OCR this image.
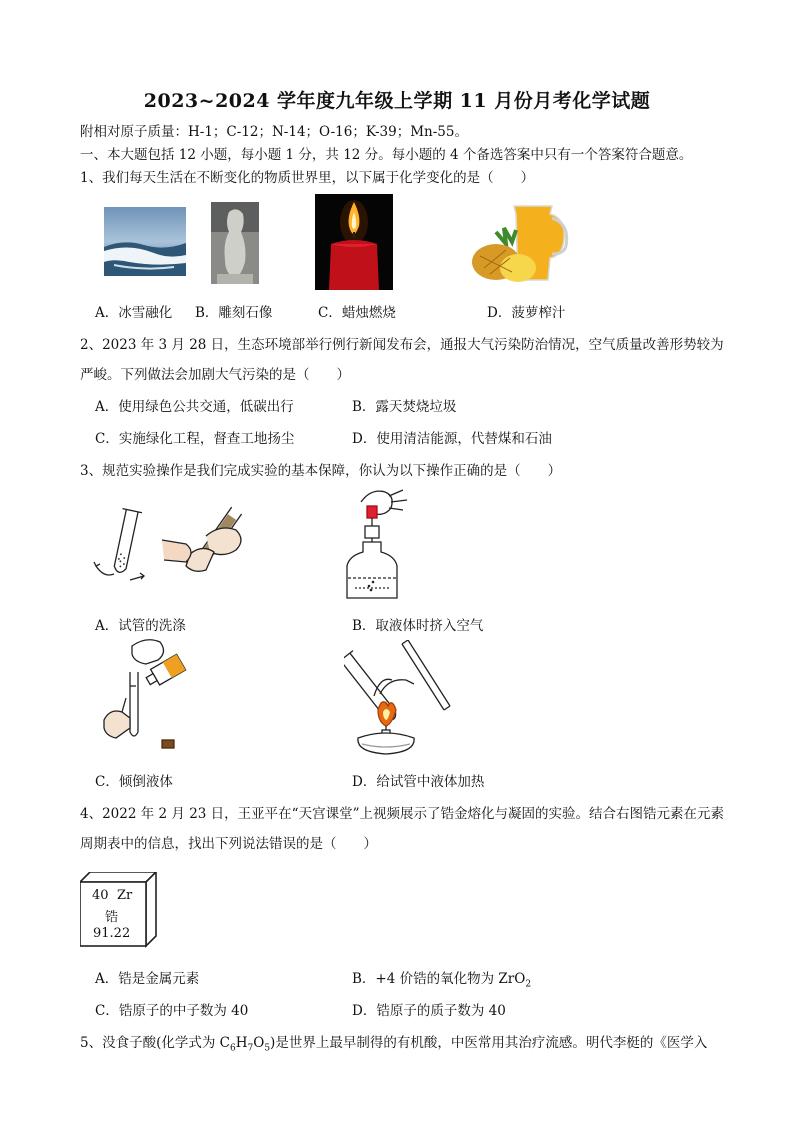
2023~2024 学年度九年级上学期 11 月份月考化学试题
附相对原子质量：H-1；C-12；N-14；O-16；K-39；Mn-55。
一、本大题包括 12 小题，每小题 1 分，共 12 分。每小题的 4 个备选答案中只有一个答案符合题意。
1、我们每天生活在不断变化的物质世界里，以下属于化学变化的是（　　）
A．冰雪融化 B．雕刻石像	C．蜡烛燃烧	D．菠萝榨汁
2、2023 年 3 月 28 日，生态环境部举行例行新闻发布会，通报大气污染防治情况，空气质量改善形势较为
严峻。下列做法会加剧大气污染的是（　　）
A．使用绿色公共交通，低碳出行	B．露天焚烧垃圾
C．实施绿化工程，督查工地扬尘	D．使用清洁能源，代替煤和石油
3、规范实验操作是我们完成实验的基本保障，你认为以下操作正确的是（　　）
A．试管的洗涤	B．取液体时挤入空气
C．倾倒液体	D．给试管中液体加热
4、2022 年 2 月 23 日，王亚平在“天宫课堂”上视频展示了锆金熔化与凝固的实验。结合右图锆元素在元素
周期表中的信息，找出下列说法错误的是（　　）
40 Zr
锆
91.22
A．锆是金属元素	B．+4 价锆的氧化物为 ZrO$_2$
C．锆原子的中子数为 40	D．锆原子的质子数为 40
5、没食子酸(化学式为 $C_6H_7O_5$)是世界上最早制得的有机酸，中医常用其治疗流感。明代李梃的《医学入
